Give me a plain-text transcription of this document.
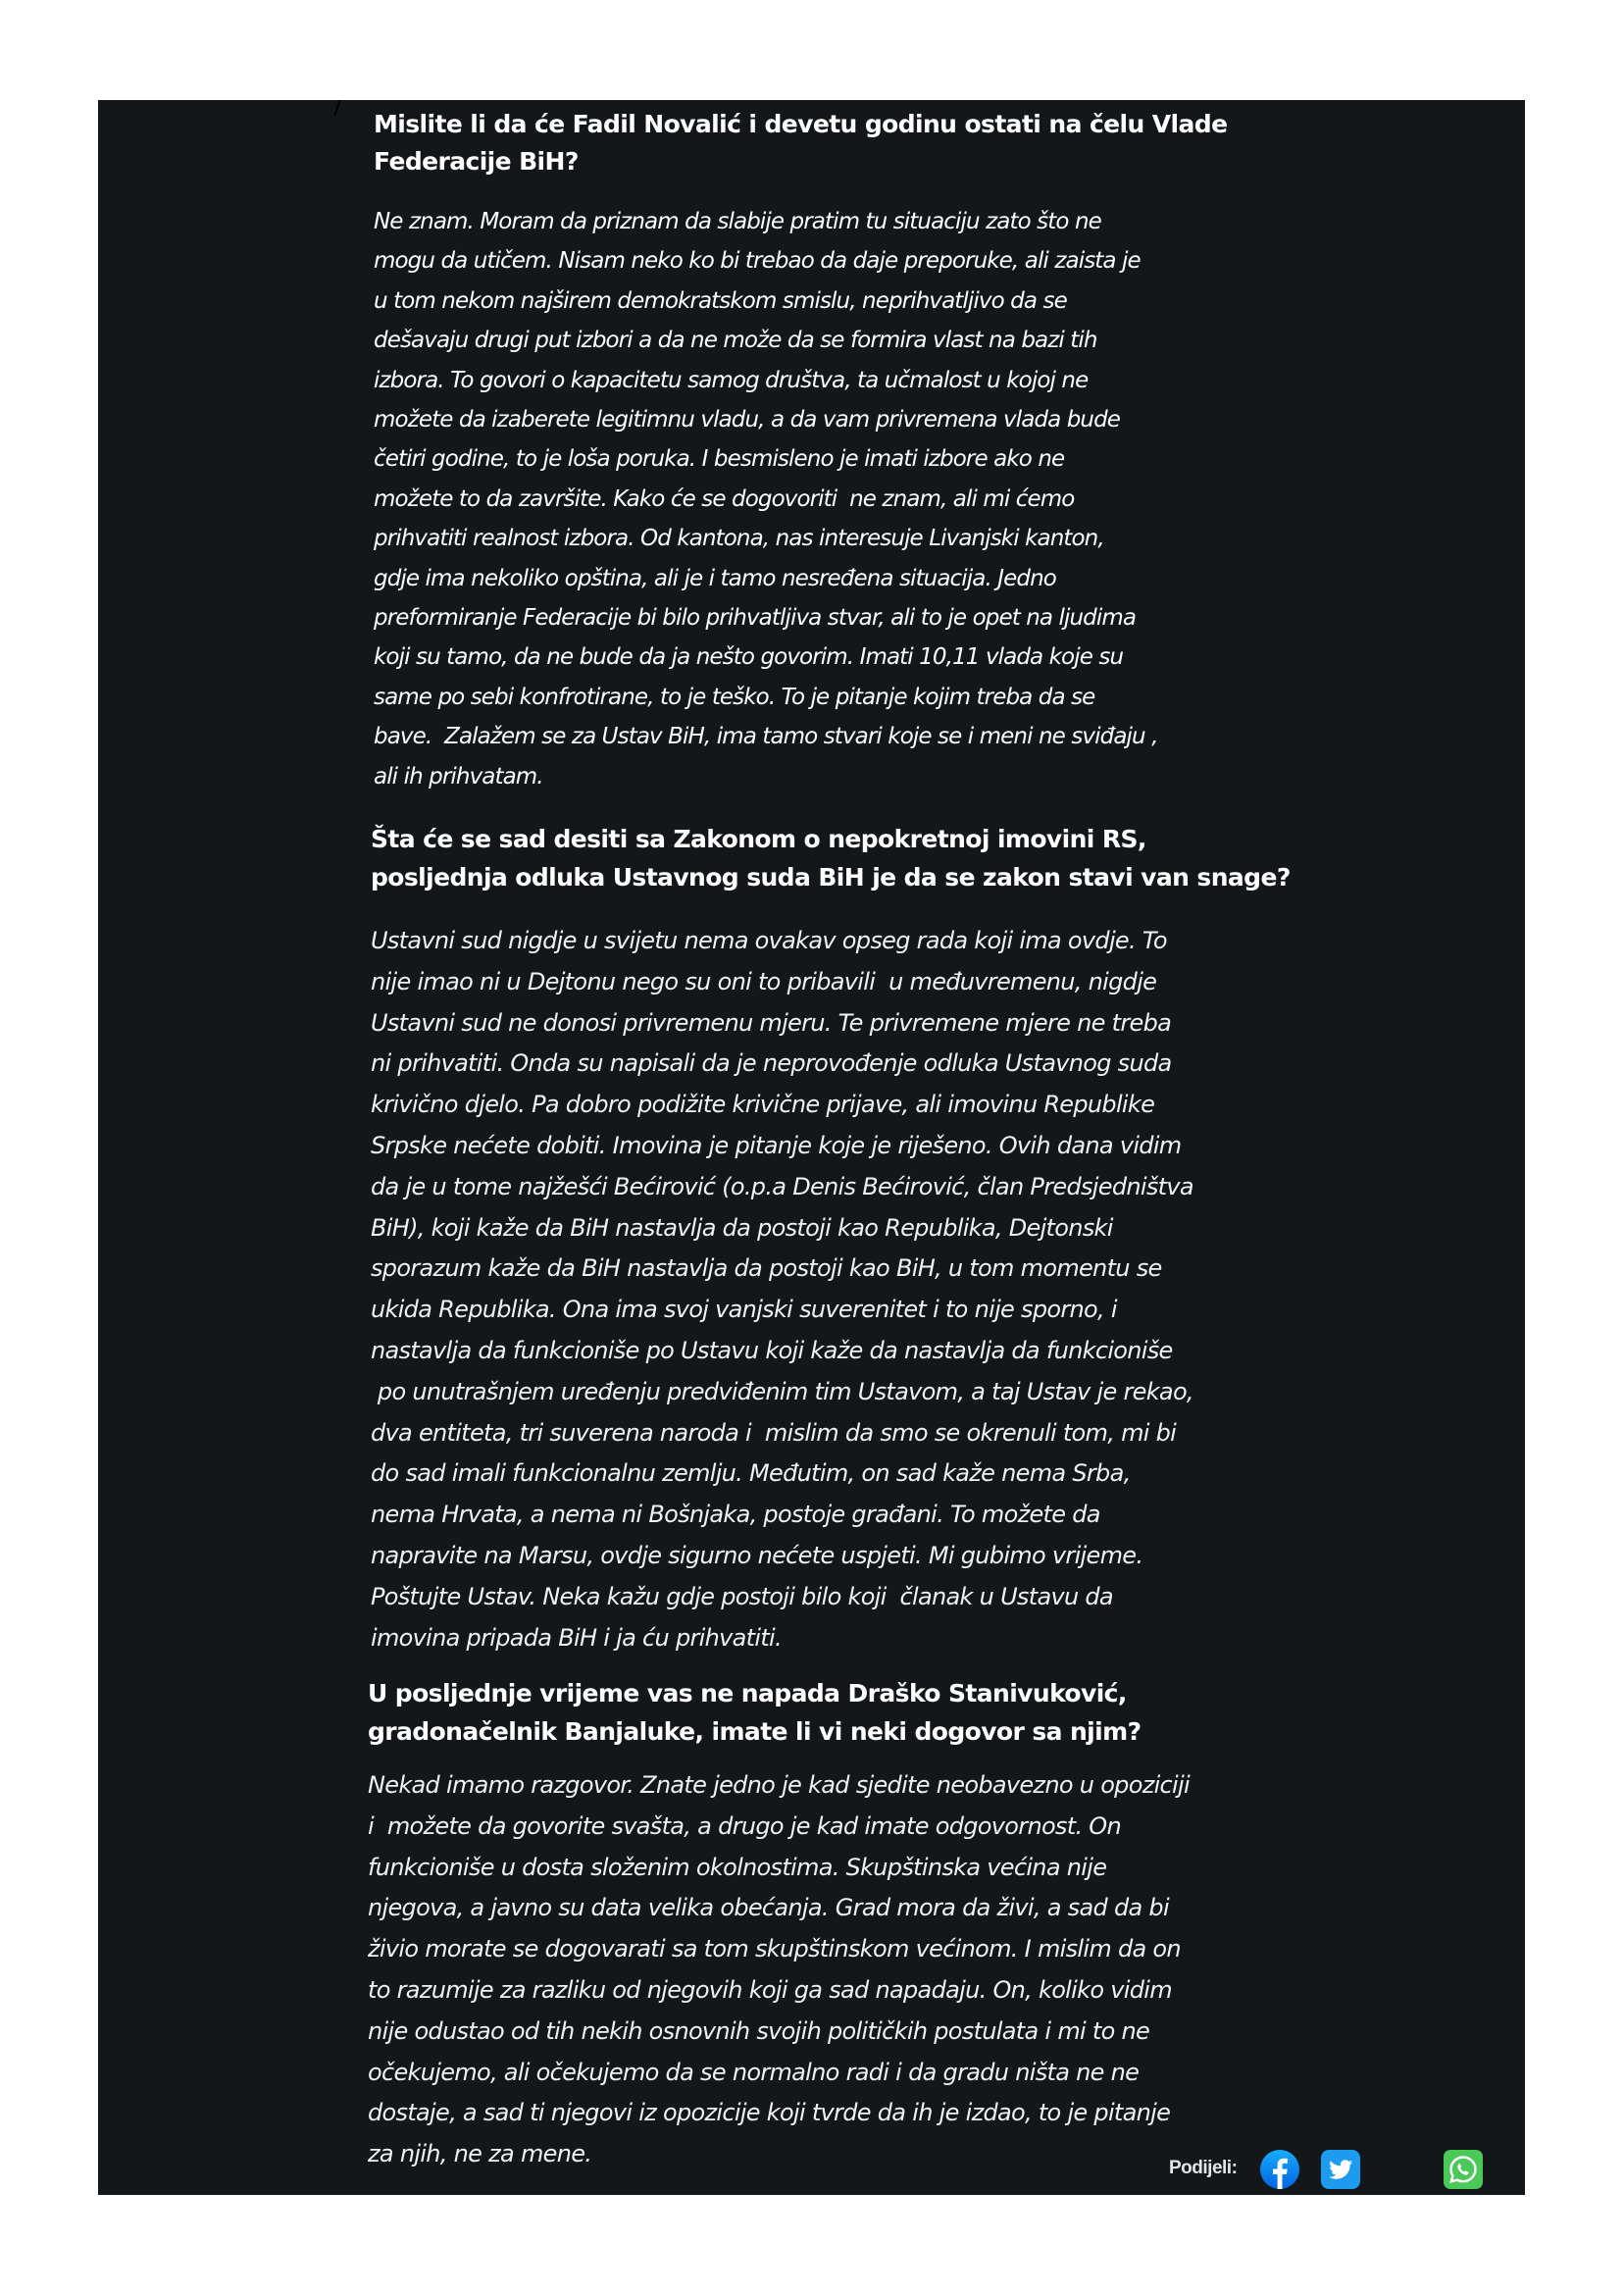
Mislite li da će Fadil Novalić i devetu godinu ostati na čelu Vlade
Federacije BiH?
Ne znam. Moram da priznam da slabije pratim tu situaciju zato što ne
mogu da utičem. Nisam neko ko bi trebao da daje preporuke, ali zaista je
u tom nekom najširem demokratskom smislu, neprihvatljivo da se
dešavaju drugi put izbori a da ne može da se formira vlast na bazi tih
izbora. To govori o kapacitetu samog društva, ta učmalost u kojoj ne
možete da izaberete legitimnu vladu, a da vam privremena vlada bude
četiri godine, to je loša poruka. I besmisleno je imati izbore ako ne
možete to da završite. Kako će se dogovoriti  ne znam, ali mi ćemo
prihvatiti realnost izbora. Od kantona, nas interesuje Livanjski kanton,
gdje ima nekoliko opština, ali je i tamo nesređena situacija. Jedno
preformiranje Federacije bi bilo prihvatljiva stvar, ali to je opet na ljudima
koji su tamo, da ne bude da ja nešto govorim. Imati 10,11 vlada koje su
same po sebi konfrotirane, to je teško. To je pitanje kojim treba da se
bave.  Zalažem se za Ustav BiH, ima tamo stvari koje se i meni ne sviđaju ,
ali ih prihvatam.
Šta će se sad desiti sa Zakonom o nepokretnoj imovini RS,
posljednja odluka Ustavnog suda BiH je da se zakon stavi van snage?
Ustavni sud nigdje u svijetu nema ovakav opseg rada koji ima ovdje. To
nije imao ni u Dejtonu nego su oni to pribavili  u međuvremenu, nigdje
Ustavni sud ne donosi privremenu mjeru. Te privremene mjere ne treba
ni prihvatiti. Onda su napisali da je neprovođenje odluka Ustavnog suda
krivično djelo. Pa dobro podižite krivične prijave, ali imovinu Republike
Srpske nećete dobiti. Imovina je pitanje koje je riješeno. Ovih dana vidim
da je u tome najžešći Bećirović (o.p.a Denis Bećirović, član Predsjedništva
BiH), koji kaže da BiH nastavlja da postoji kao Republika, Dejtonski
sporazum kaže da BiH nastavlja da postoji kao BiH, u tom momentu se
ukida Republika. Ona ima svoj vanjski suverenitet i to nije sporno, i
nastavlja da funkcioniše po Ustavu koji kaže da nastavlja da funkcioniše
po unutrašnjem uređenju predviđenim tim Ustavom, a taj Ustav je rekao,
dva entiteta, tri suverena naroda i  mislim da smo se okrenuli tom, mi bi
do sad imali funkcionalnu zemlju. Međutim, on sad kaže nema Srba,
nema Hrvata, a nema ni Bošnjaka, postoje građani. To možete da
napravite na Marsu, ovdje sigurno nećete uspjeti. Mi gubimo vrijeme.
Poštujte Ustav. Neka kažu gdje postoji bilo koji  članak u Ustavu da
imovina pripada BiH i ja ću prihvatiti.
U posljednje vrijeme vas ne napada Draško Stanivuković,
gradonačelnik Banjaluke, imate li vi neki dogovor sa njim?
Nekad imamo razgovor. Znate jedno je kad sjedite neobavezno u opoziciji
i  možete da govorite svašta, a drugo je kad imate odgovornost. On
funkcioniše u dosta složenim okolnostima. Skupštinska većina nije
njegova, a javno su data velika obećanja. Grad mora da živi, a sad da bi
živio morate se dogovarati sa tom skupštinskom većinom. I mislim da on
to razumije za razliku od njegovih koji ga sad napadaju. On, koliko vidim
nije odustao od tih nekih osnovnih svojih političkih postulata i mi to ne
očekujemo, ali očekujemo da se normalno radi i da gradu ništa ne ne
dostaje, a sad ti njegovi iz opozicije koji tvrde da ih je izdao, to je pitanje
za njih, ne za mene.
Podijeli:
